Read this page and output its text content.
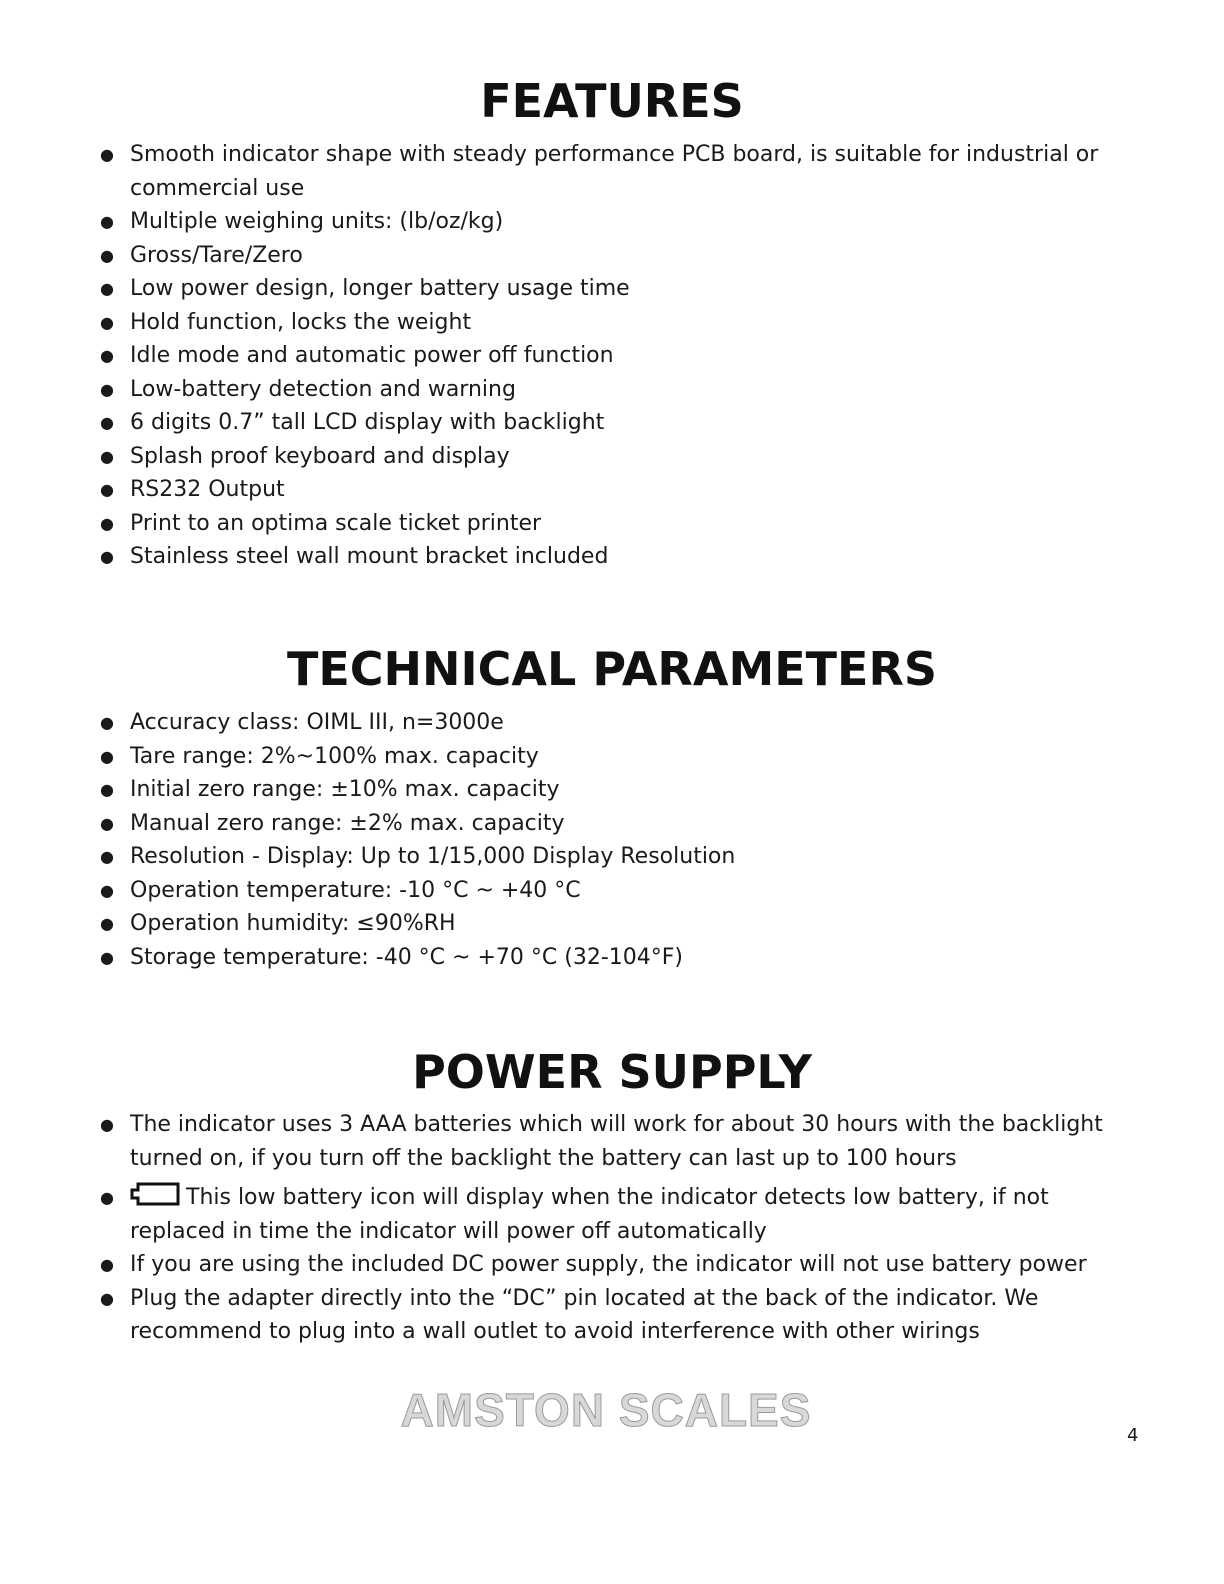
FEATURES
● Smooth indicator shape with steady performance PCB board, is suitable for industrial or commercial use
● Multiple weighing units: (lb/oz/kg)
● Gross/Tare/Zero
● Low power design, longer battery usage time
● Hold function, locks the weight
● Idle mode and automatic power off function
● Low-battery detection and warning
● 6 digits 0.7” tall LCD display with backlight
● Splash proof keyboard and display
● RS232 Output
● Print to an optima scale ticket printer
● Stainless steel wall mount bracket included
TECHNICAL PARAMETERS
● Accuracy class: OIML III, n=3000e
● Tare range: 2%~100% max. capacity
● Initial zero range: ±10% max. capacity
● Manual zero range: ±2% max. capacity
● Resolution - Display: Up to 1/15,000 Display Resolution
● Operation temperature: -10 °C ~ +40 °C
● Operation humidity: ≤90%RH
● Storage temperature: -40 °C ~ +70 °C (32-104°F)
POWER SUPPLY
● The indicator uses 3 AAA batteries which will work for about 30 hours with the backlight turned on, if you turn off the backlight the battery can last up to 100 hours
●	This low battery icon will display when the indicator detects low battery, if not replaced in time the indicator will power off automatically
● If you are using the included DC power supply, the indicator will not use battery power
● Plug the adapter directly into the “DC” pin located at the back of the indicator. We recommend to plug into a wall outlet to avoid interference with other wirings
AMSTON SCALES	4
